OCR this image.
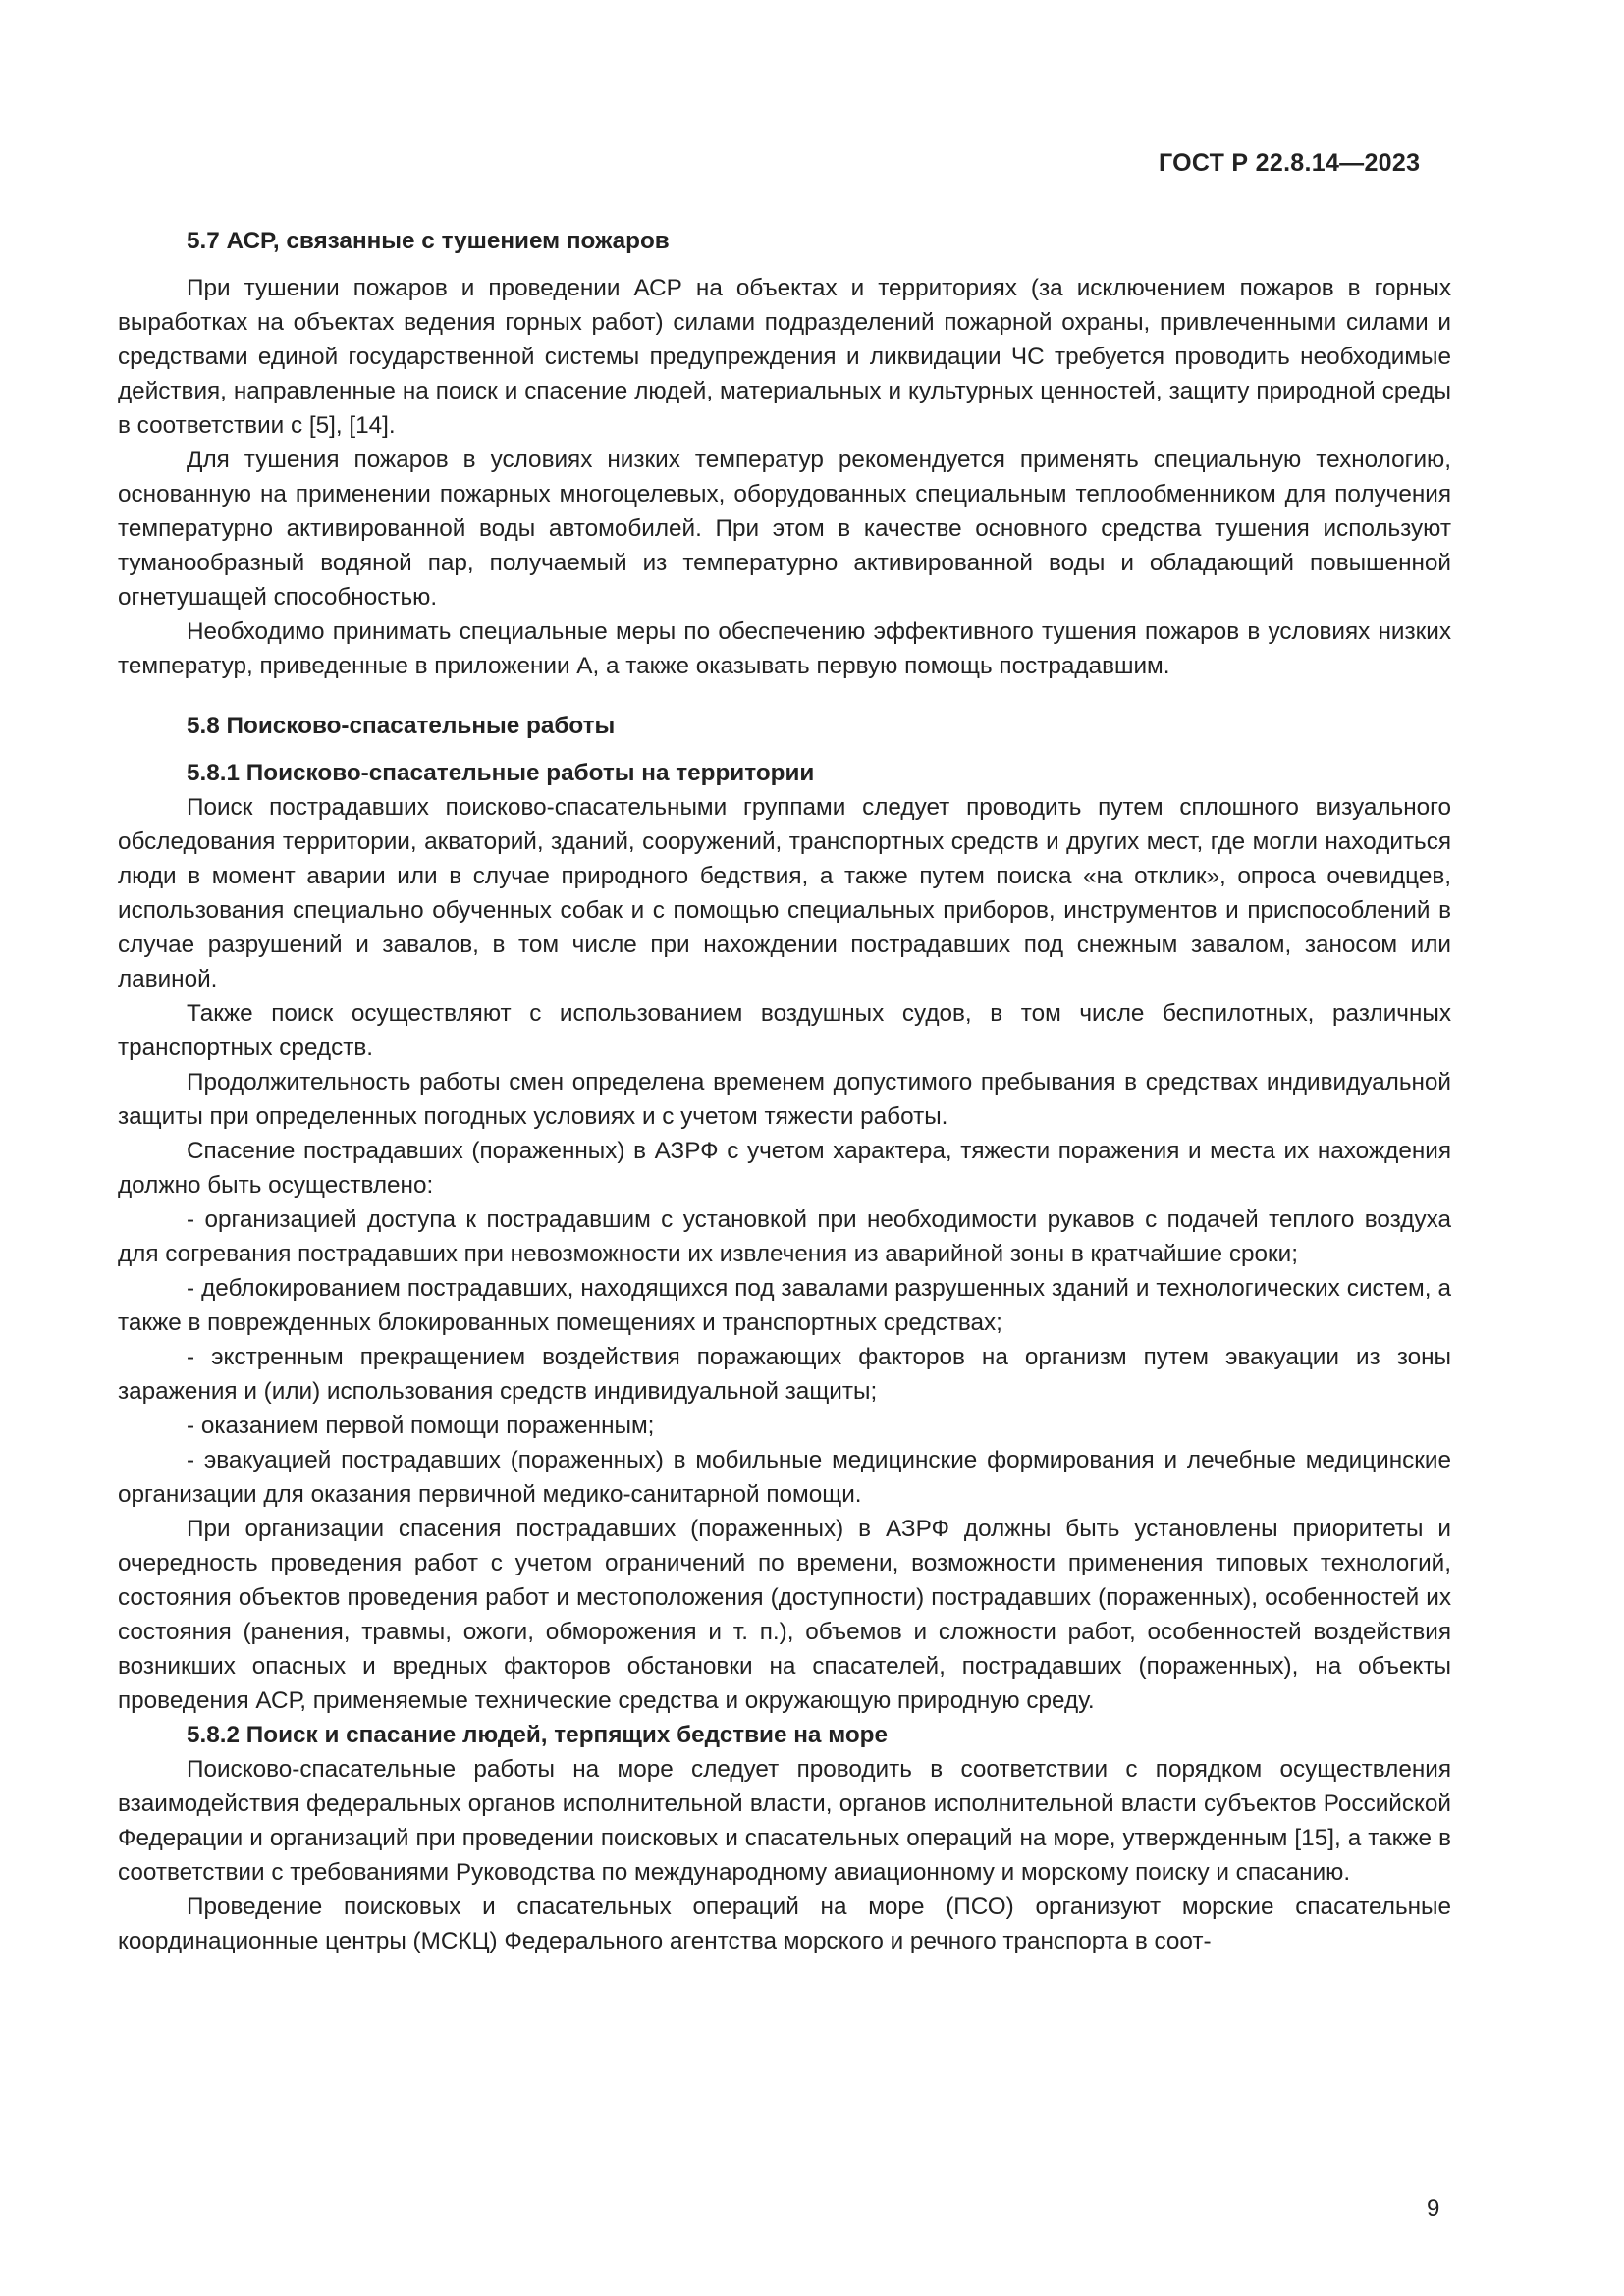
ГОСТ Р 22.8.14—2023
5.7 АСР, связанные с тушением пожаров

При тушении пожаров и проведении АСР на объектах и территориях (за исключением пожаров в горных выработках на объектах ведения горных работ) силами подразделений пожарной охраны, привлеченными силами и средствами единой государственной системы предупреждения и ликвидации ЧС требуется проводить необходимые действия, направленные на поиск и спасение людей, материальных и культурных ценностей, защиту природной среды в соответствии с [5], [14].

Для тушения пожаров в условиях низких температур рекомендуется применять специальную технологию, основанную на применении пожарных многоцелевых, оборудованных специальным теплообменником для получения температурно активированной воды автомобилей. При этом в качестве основного средства тушения используют туманообразный водяной пар, получаемый из температурно активированной воды и обладающий повышенной огнетушащей способностью.

Необходимо принимать специальные меры по обеспечению эффективного тушения пожаров в условиях низких температур, приведенные в приложении А, а также оказывать первую помощь пострадавшим.

5.8 Поисково-спасательные работы
5.8.1 Поисково-спасательные работы на территории

Поиск пострадавших поисково-спасательными группами следует проводить путем сплошного визуального обследования территории, акваторий, зданий, сооружений, транспортных средств и других мест, где могли находиться люди в момент аварии или в случае природного бедствия, а также путем поиска «на отклик», опроса очевидцев, использования специально обученных собак и с помощью специальных приборов, инструментов и приспособлений в случае разрушений и завалов, в том числе при нахождении пострадавших под снежным завалом, заносом или лавиной.

Также поиск осуществляют с использованием воздушных судов, в том числе беспилотных, различных транспортных средств.

Продолжительность работы смен определена временем допустимого пребывания в средствах индивидуальной защиты при определенных погодных условиях и с учетом тяжести работы.

Спасение пострадавших (пораженных) в АЗРФ с учетом характера, тяжести поражения и места их нахождения должно быть осуществлено:

- организацией доступа к пострадавшим с установкой при необходимости рукавов с подачей теплого воздуха для согревания пострадавших при невозможности их извлечения из аварийной зоны в кратчайшие сроки;

- деблокированием пострадавших, находящихся под завалами разрушенных зданий и технологических систем, а также в поврежденных блокированных помещениях и транспортных средствах;

- экстренным прекращением воздействия поражающих факторов на организм путем эвакуации из зоны заражения и (или) использования средств индивидуальной защиты;

- оказанием первой помощи пораженным;

- эвакуацией пострадавших (пораженных) в мобильные медицинские формирования и лечебные медицинские организации для оказания первичной медико-санитарной помощи.

При организации спасения пострадавших (пораженных) в АЗРФ должны быть установлены приоритеты и очередность проведения работ с учетом ограничений по времени, возможности применения типовых технологий, состояния объектов проведения работ и местоположения (доступности) пострадавших (пораженных), особенностей их состояния (ранения, травмы, ожоги, обморожения и т. п.), объемов и сложности работ, особенностей воздействия возникших опасных и вредных факторов обстановки на спасателей, пострадавших (пораженных), на объекты проведения АСР, применяемые технические средства и окружающую природную среду.

5.8.2 Поиск и спасание людей, терпящих бедствие на море

Поисково-спасательные работы на море следует проводить в соответствии с порядком осуществления взаимодействия федеральных органов исполнительной власти, органов исполнительной власти субъектов Российской Федерации и организаций при проведении поисковых и спасательных операций на море, утвержденным [15], а также в соответствии с требованиями Руководства по международному авиационному и морскому поиску и спасанию.

Проведение поисковых и спасательных операций на море (ПСО) организуют морские спасательные координационные центры (МСКЦ) Федерального агентства морского и речного транспорта в соот-

9
